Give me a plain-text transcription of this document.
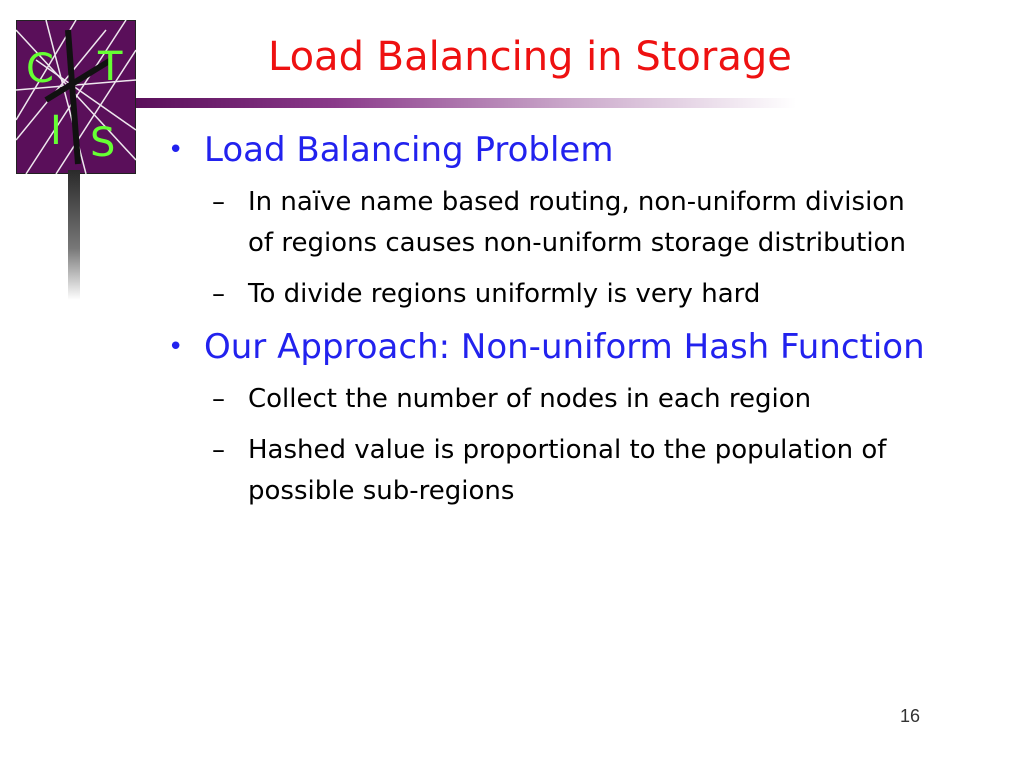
C T
I S
Load Balancing in Storage
• Load Balancing Problem
– In naïve name based routing, non-uniform division of regions causes non-uniform storage distribution
– To divide regions uniformly is very hard
• Our Approach: Non-uniform Hash Function
– Collect the number of nodes in each region
– Hashed value is proportional to the population of possible sub-regions
16
